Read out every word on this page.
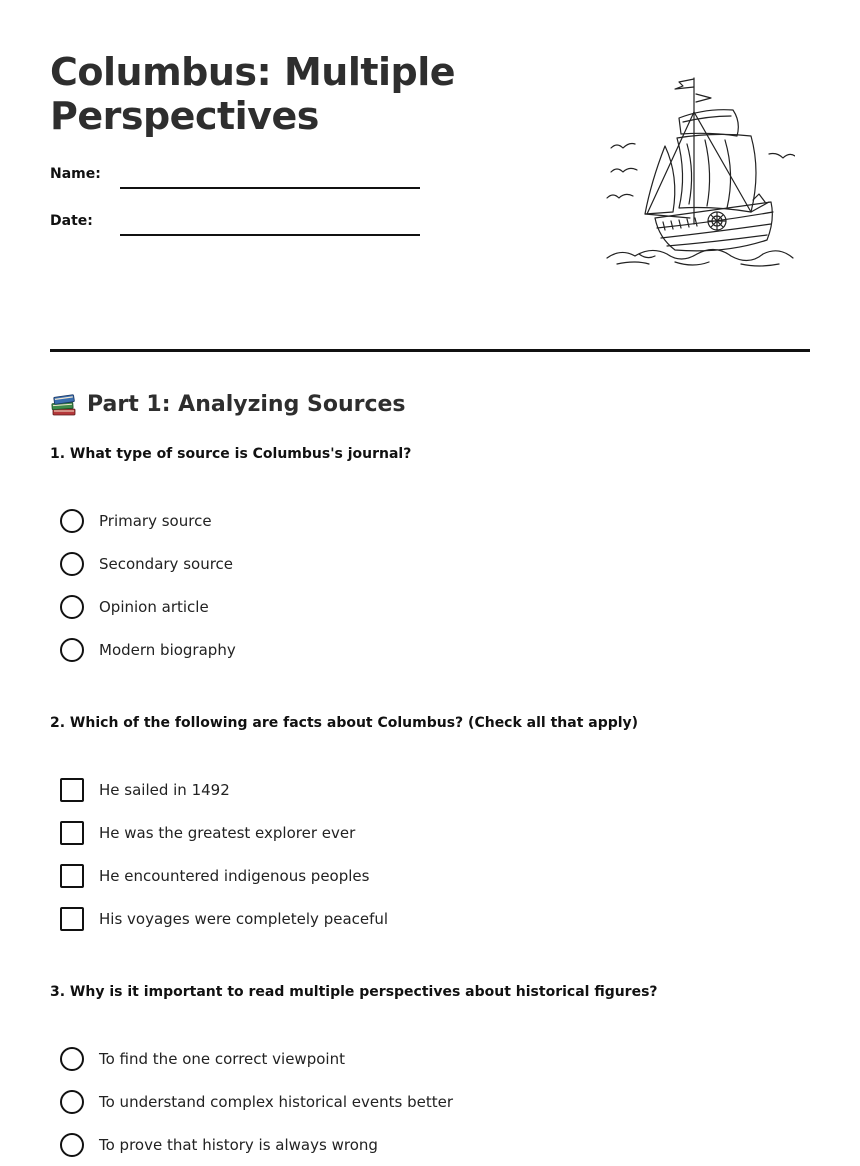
Columbus: Multiple Perspectives
Name:
Date:
Part 1: Analyzing Sources

1. What type of source is Columbus's journal?

Primary source
Secondary source
Opinion article
Modern biography

2. Which of the following are facts about Columbus? (Check all that apply)

He sailed in 1492
He was the greatest explorer ever
He encountered indigenous peoples
His voyages were completely peaceful

3. Why is it important to read multiple perspectives about historical figures?

To find the one correct viewpoint
To understand complex historical events better
To prove that history is always wrong
